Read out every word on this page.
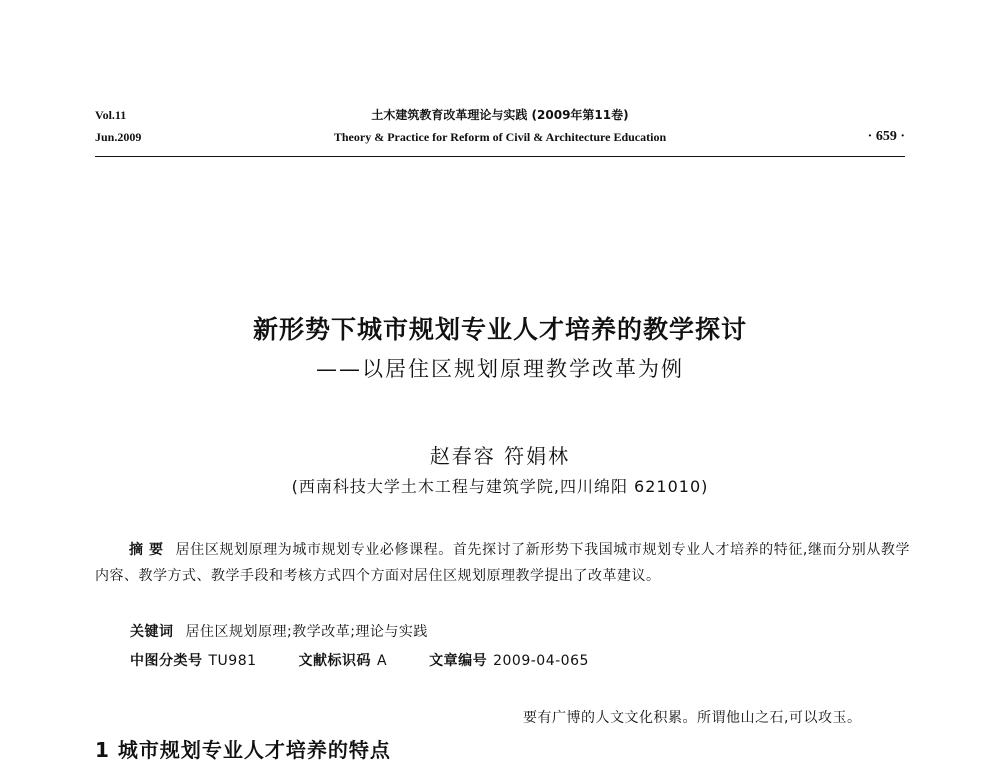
Vol.11
Jun.2009
土木建筑教育改革理论与实践 (2009年第11卷)
Theory & Practice for Reform of Civil & Architecture Education	· 659 ·
新形势下城市规划专业人才培养的教学探讨
——以居住区规划原理教学改革为例
赵春容 符娟林
(西南科技大学土木工程与建筑学院,四川绵阳 621010)
摘 要 居住区规划原理为城市规划专业必修课程。首先探讨了新形势下我国城市规划专业人才培养的特征,继而分别从教学内容、教学方式、教学手段和考核方式四个方面对居住区规划原理教学提出了改革建议。
关键词 居住区规划原理;教学改革;理论与实践
中图分类号 TU981	文献标识码 A	文章编号 2009-04-065
1 城市规划专业人才培养的特点
要有广博的人文文化积累。所谓他山之石,可以攻玉。
